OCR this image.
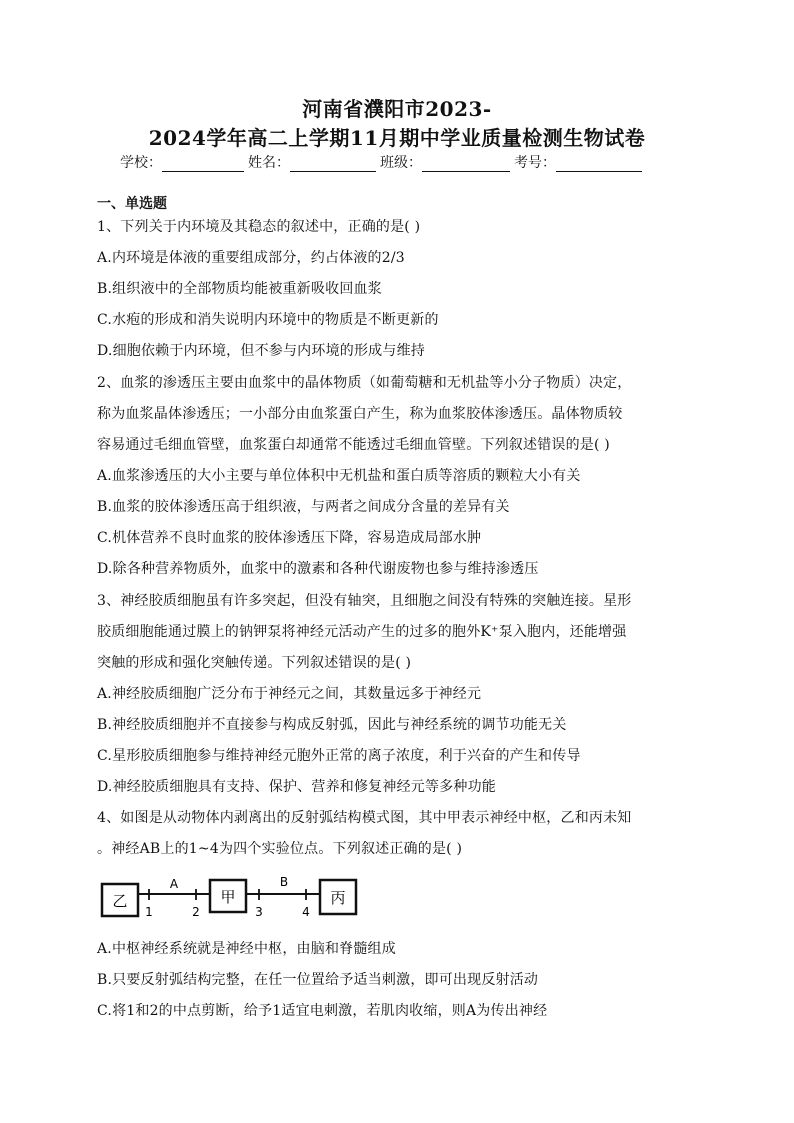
河南省濮阳市2023-
2024学年高二上学期11月期中学业质量检测生物试卷
学校：	姓名：	班级：	考号：
一、单选题
1、下列关于内环境及其稳态的叙述中，正确的是( )
A.内环境是体液的重要组成部分，约占体液的2/3
B.组织液中的全部物质均能被重新吸收回血浆
C.水疱的形成和消失说明内环境中的物质是不断更新的
D.细胞依赖于内环境，但不参与内环境的形成与维持
2、血浆的渗透压主要由血浆中的晶体物质（如葡萄糖和无机盐等小分子物质）决定，
称为血浆晶体渗透压；一小部分由血浆蛋白产生，称为血浆胶体渗透压。晶体物质较
容易通过毛细血管壁，血浆蛋白却通常不能透过毛细血管壁。下列叙述错误的是( )
A.血浆渗透压的大小主要与单位体积中无机盐和蛋白质等溶质的颗粒大小有关
B.血浆的胶体渗透压高于组织液，与两者之间成分含量的差异有关
C.机体营养不良时血浆的胶体渗透压下降，容易造成局部水肿
D.除各种营养物质外，血浆中的激素和各种代谢废物也参与维持渗透压
3、神经胶质细胞虽有许多突起，但没有轴突，且细胞之间没有特殊的突触连接。星形
胶质细胞能通过膜上的钠钾泵将神经元活动产生的过多的胞外K⁺泵入胞内，还能增强
突触的形成和强化突触传递。下列叙述错误的是( )
A.神经胶质细胞广泛分布于神经元之间，其数量远多于神经元
B.神经胶质细胞并不直接参与构成反射弧，因此与神经系统的调节功能无关
C.星形胶质细胞参与维持神经元胞外正常的离子浓度，利于兴奋的产生和传导
D.神经胶质细胞具有支持、保护、营养和修复神经元等多种功能
4、如图是从动物体内剥离出的反射弧结构模式图，其中甲表示神经中枢，乙和丙未知
。神经AB上的1~4为四个实验位点。下列叙述正确的是( )
乙
A
1	2
甲
B
3	4
丙
A.中枢神经系统就是神经中枢，由脑和脊髓组成
B.只要反射弧结构完整，在任一位置给予适当刺激，即可出现反射活动
C.将1和2的中点剪断，给予1适宜电刺激，若肌肉收缩，则A为传出神经
